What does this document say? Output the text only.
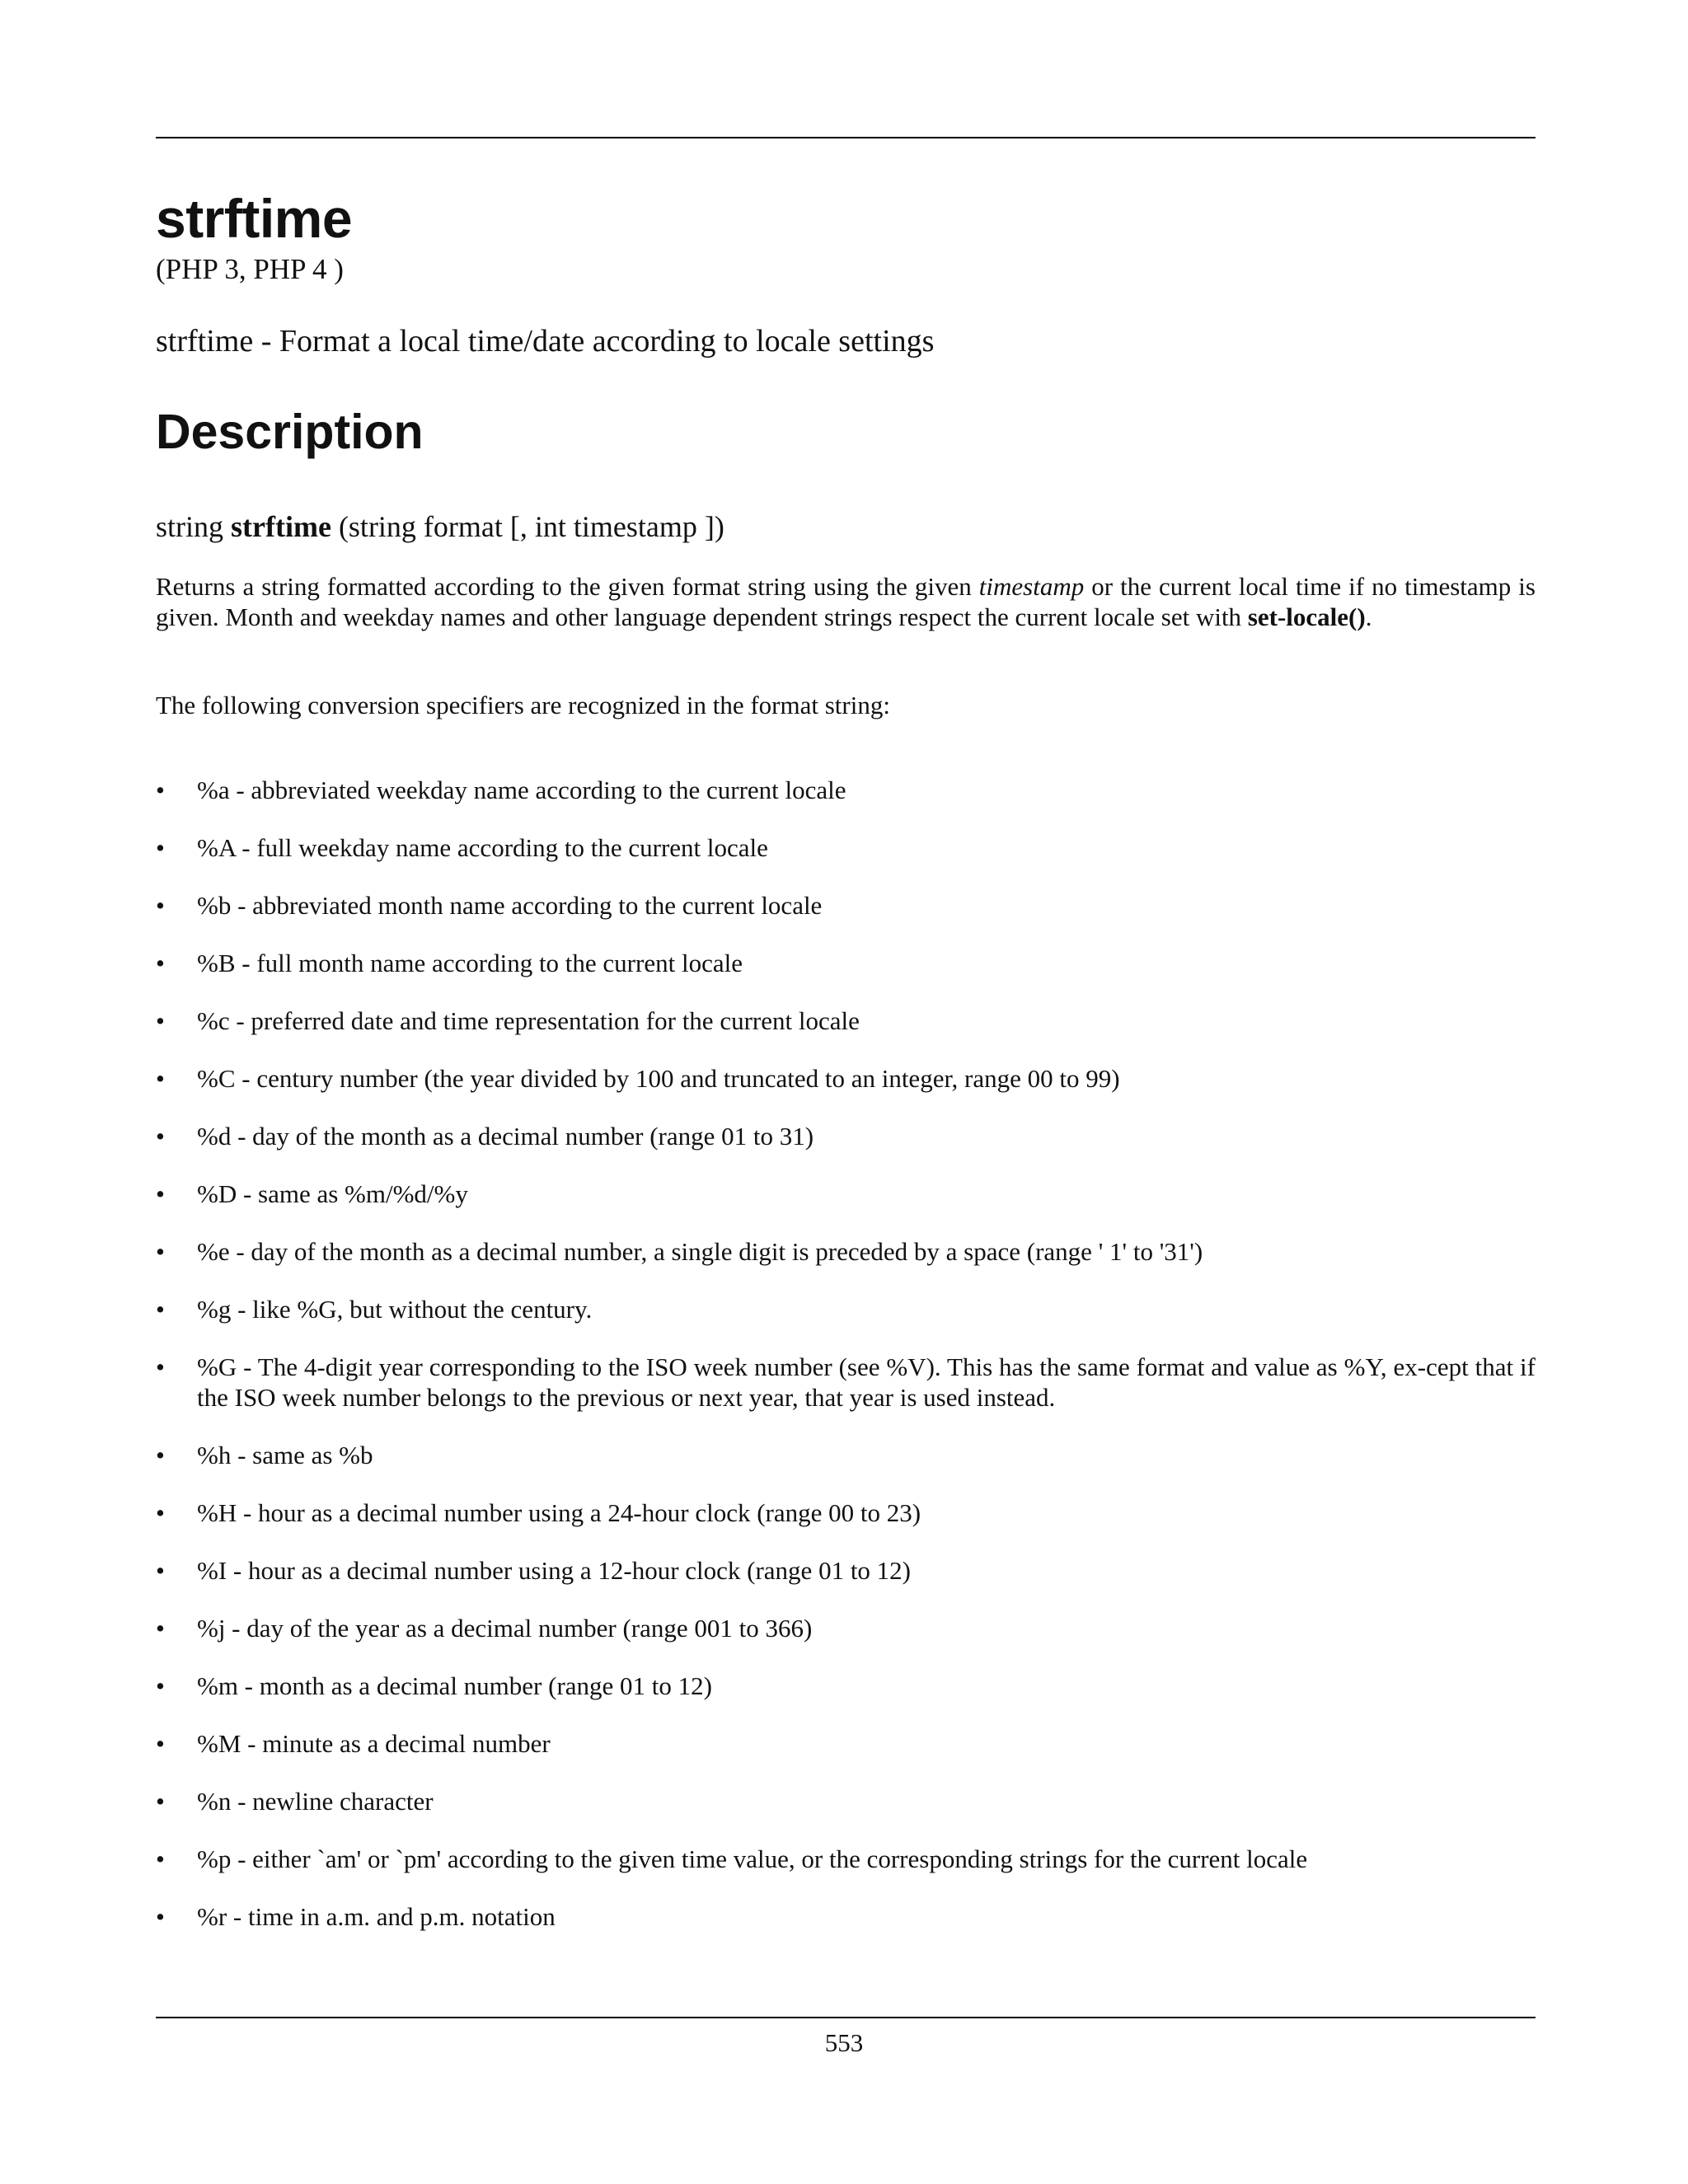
strftime
(PHP 3, PHP 4 )
strftime - Format a local time/date according to locale settings
Description
string strftime (string format [, int timestamp ])

Returns a string formatted according to the given format string using the given timestamp or the current local time if no timestamp is given. Month and weekday names and other language dependent strings respect the current locale set with set-locale().

The following conversion specifiers are recognized in the format string:

• %a - abbreviated weekday name according to the current locale
• %A - full weekday name according to the current locale
• %b - abbreviated month name according to the current locale
• %B - full month name according to the current locale
• %c - preferred date and time representation for the current locale
• %C - century number (the year divided by 100 and truncated to an integer, range 00 to 99)
• %d - day of the month as a decimal number (range 01 to 31)
• %D - same as %m/%d/%y
• %e - day of the month as a decimal number, a single digit is preceded by a space (range ' 1' to '31')
• %g - like %G, but without the century.
• %G - The 4-digit year corresponding to the ISO week number (see %V). This has the same format and value as %Y, ex-cept that if the ISO week number belongs to the previous or next year, that year is used instead.
• %h - same as %b
• %H - hour as a decimal number using a 24-hour clock (range 00 to 23)
• %I - hour as a decimal number using a 12-hour clock (range 01 to 12)
• %j - day of the year as a decimal number (range 001 to 366)
• %m - month as a decimal number (range 01 to 12)
• %M - minute as a decimal number
• %n - newline character
• %p - either `am' or `pm' according to the given time value, or the corresponding strings for the current locale
• %r - time in a.m. and p.m. notation
553
